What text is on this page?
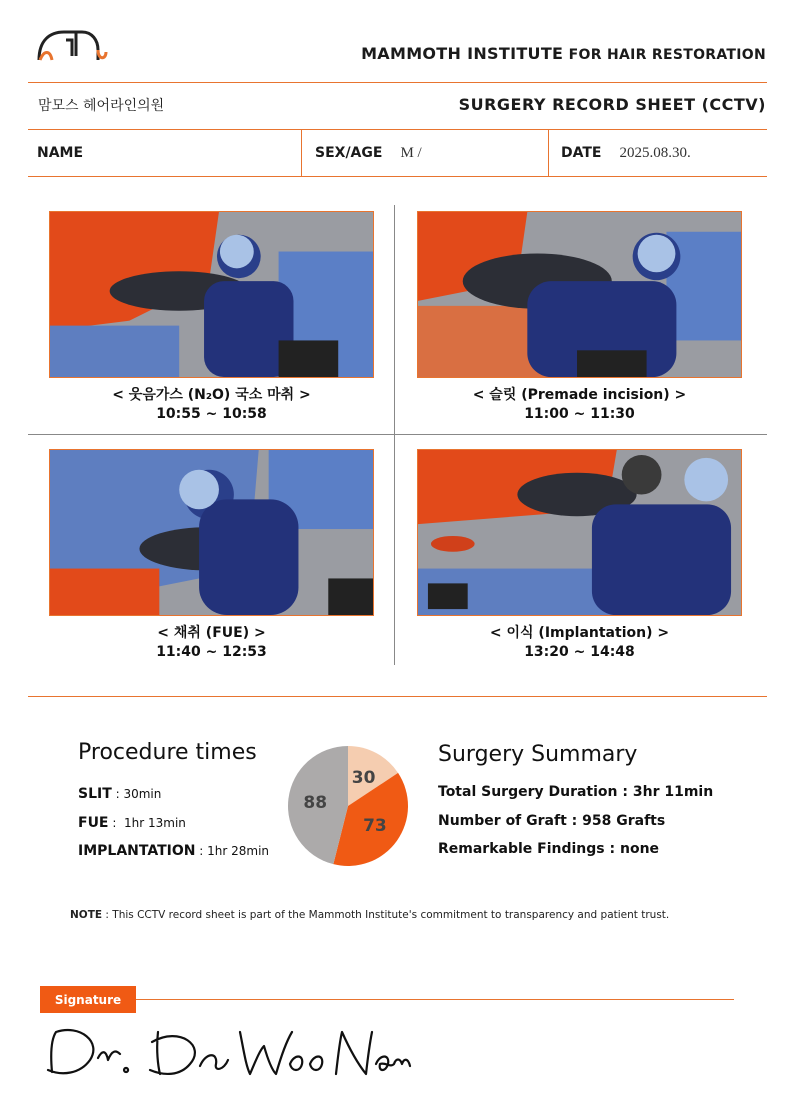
MAMMOTH INSTITUTE FOR HAIR RESTORATION
맘모스 헤어라인의원	SURGERY RECORD SHEET (CCTV)
NAME	SEX/AGE M /	DATE 2025.08.30.
< 웃음가스 (N₂O) 국소 마취 >
10:55 ~ 10:58
< 슬릿 (Premade incision) >
11:00 ~ 11:30
< 채취 (FUE) >
11:40 ~ 12:53
< 이식 (Implantation) >
13:20 ~ 14:48
Procedure times
SLIT : 30min
FUE :  1hr 13min
IMPLANTATION : 1hr 28min
30
73
88
Surgery Summary
Total Surgery Duration : 3hr 11min
Number of Graft : 958 Grafts
Remarkable Findings : none
NOTE : This CCTV record sheet is part of the Mammoth Institute's commitment to transparency and patient trust.
Signature
